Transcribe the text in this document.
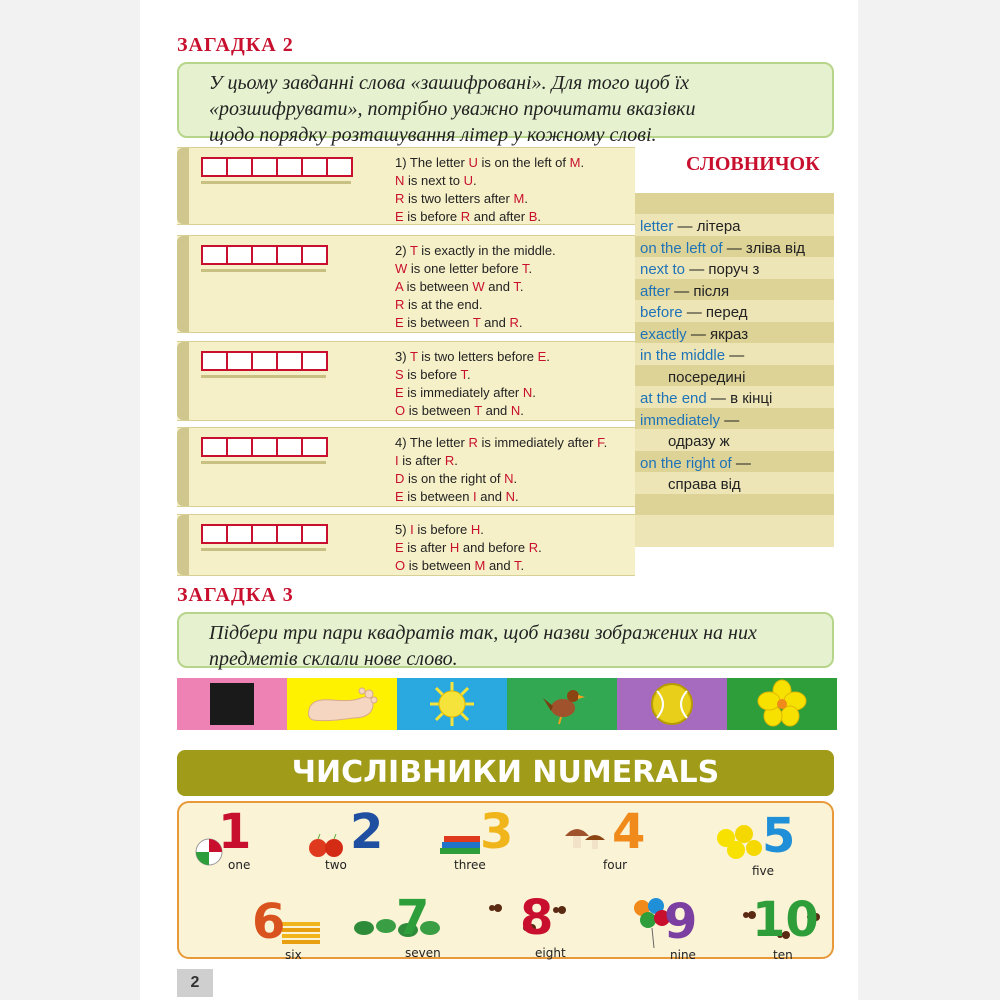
ЗАГАДКА 2
У цьому завданні слова «зашифровані». Для того щоб їх
«розшифрувати», потрібно уважно прочитати вказівки
щодо порядку розташування літер у кожному слові.
1) The letter U is on the left of M.
N is next to U.
R is two letters after M.
E is before R and after B.
2) T is exactly in the middle.
W is one letter before T.
A is between W and T.
R is at the end.
E is between T and R.
3) T is two letters before E.
S is before T.
E is immediately after N.
O is between T and N.
4) The letter R is immediately after F.
I is after R.
D is on the right of N.
E is between I and N.
5) I is before H.
E is after H and before R.
O is between M and T.
СЛОВНИЧОК
letter — літера
on the left of — зліва від
next to — поруч з
after — після
before — перед
exactly — якраз
in the middle —
посередині
at the end — в кінці
immediately —
одразу ж
on the right of —
справа від
ЗАГАДКА 3
Підбери три пари квадратів так, щоб назви зображених на них
предметів склали нове слово.
ЧИСЛІВНИКИ NUMERALS
1
one
2
two
3
three
4
four
5
five
6
six
7
seven
8
eight
9
nine
10
ten
2
